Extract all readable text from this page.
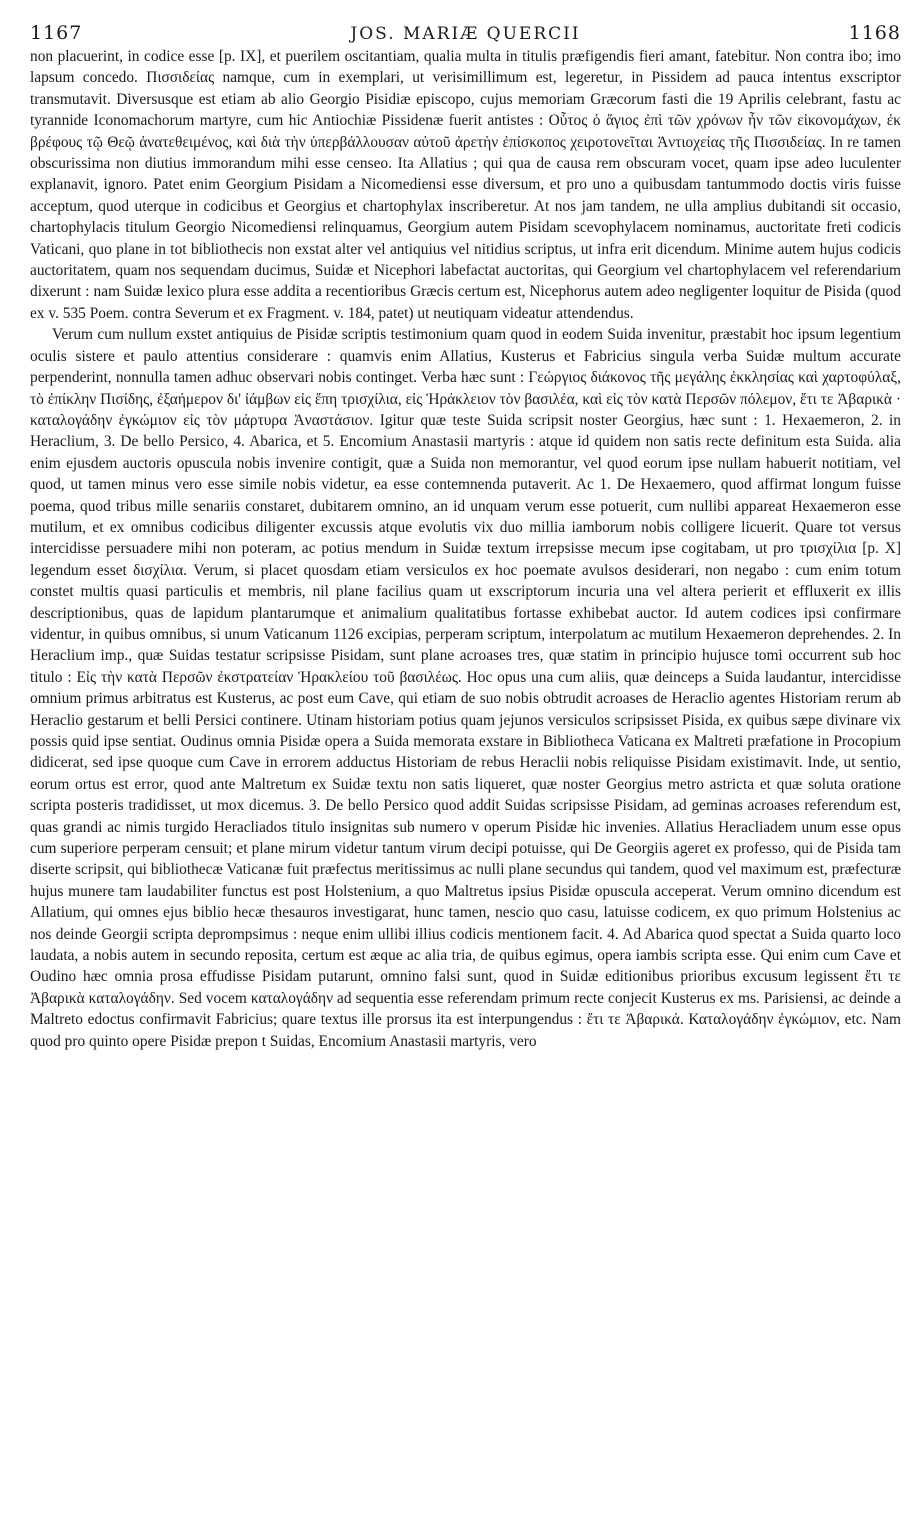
1167	JOS. MARIÆ QUERCII	1168

non placuerint, in codice esse [p. IX], et puerilem oscitantiam, qualia multa in titulis præfigendis fieri amant, fatebitur. Non contra ibo; imo lapsum concedo. Πισσιδείας namque, cum in exemplari, ut verisimillimum est, legeretur, in Pissidem ad pauca intentus exscriptor transmutavit. Diversusque est etiam ab alio Georgio Pisidiæ episcopo, cujus memoriam Græcorum fasti die 19 Aprilis celebrant, fastu ac tyrannide Iconomachorum martyre, cum hic Antiochiæ Pissidenæ fuerit antistes : Οὗτος ὁ ἅγιος ἐπὶ τῶν χρόνων ἦν τῶν εἰκονομάχων, ἐκ βρέφους τῷ Θεῷ ἀνατεθειμένος, καὶ διὰ τὴν ὑπερβάλλουσαν αὐτοῦ ἀρετὴν ἐπίσκοπος χειροτονεῖται Ἀντιοχείας τῆς Πισσιδείας. In re tamen obscurissima non diutius immorandum mihi esse censeo. Ita Allatius ; qui qua de causa rem obscuram vocet, quam ipse adeo luculenter explanavit, ignoro. Patet enim Georgium Pisidam a Nicomediensi esse diversum, et pro uno a quibusdam tantummodo doctis viris fuisse acceptum, quod uterque in codicibus et Georgius et chartophylax inscriberetur. At nos jam tandem, ne ulla amplius dubitandi sit occasio, chartophylacis titulum Georgio Nicomediensi relinquamus, Georgium autem Pisidam scevophylacem nominamus, auctoritate freti codicis Vaticani, quo plane in tot bibliothecis non exstat alter vel antiquius vel nitidius scriptus, ut infra erit dicendum. Minime autem hujus codicis auctoritatem, quam nos sequendam ducimus, Suidæ et Nicephori labefactat auctoritas, qui Georgium vel chartophylacem vel referendarium dixerunt : nam Suidæ lexico plura esse addita a recentioribus Græcis certum est, Nicephorus autem adeo negligenter loquitur de Pisida (quod ex v. 535 Poem. contra Severum et ex Fragment. v. 184, patet) ut neutiquam videatur attendendus.

Verum cum nullum exstet antiquius de Pisidæ scriptis testimonium quam quod in eodem Suida invenitur, præstabit hoc ipsum legentium oculis sistere et paulo attentius considerare : quamvis enim Allatius, Kusterus et Fabricius singula verba Suidæ multum accurate perpenderint, nonnulla tamen adhuc observari nobis continget. Verba hæc sunt : Γεώργιος διάκονος τῆς μεγάλης ἐκκλησίας καὶ χαρτοφύλαξ, τὸ ἐπίκλην Πισίδης, ἐξαήμερον δι' ἰάμβων εἰς ἔπη τρισχίλια, εἰς Ἡράκλειον τὸν βασιλέα, καὶ εἰς τὸν κατὰ Περσῶν πόλεμον, ἔτι τε Ἀβαρικὰ · καταλογάδην ἐγκώμιον εἰς τὸν μάρτυρα Ἀναστάσιον. Igitur quæ teste Suida scripsit noster Georgius, hæc sunt : 1. Hexaemeron, 2. in Heraclium, 3. De bello Persico, 4. Abarica, et 5. Encomium Anastasii martyris : atque id quidem non satis recte definitum esta Suida. alia enim ejusdem auctoris opuscula nobis invenire contigit, quæ a Suida non memorantur, vel quod eorum ipse nullam habuerit notitiam, vel quod, ut tamen minus vero esse simile nobis videtur, ea esse contemnenda putaverit. Ac 1. De Hexaemero, quod affirmat longum fuisse poema, quod tribus mille senariis constaret, dubitarem omnino, an id unquam verum esse potuerit, cum nullibi appareat Hexaemeron esse mutilum, et ex omnibus codicibus diligenter excussis atque evolutis vix duo millia iamborum nobis colligere licuerit. Quare tot versus intercidisse persuadere mihi non poteram, ac potius mendum in Suidæ textum irrepsisse mecum ipse cogitabam, ut pro τρισχίλια [p. X] legendum esset δισχίλια. Verum, si placet quosdam etiam versiculos ex hoc poemate avulsos desiderari, non negabo : cum enim totum constet multis quasi particulis et membris, nil plane facilius quam ut exscriptorum incuria una vel altera perierit et effluxerit ex illis descriptionibus, quas de lapidum plantarumque et animalium qualitatibus fortasse exhibebat auctor. Id autem codices ipsi confirmare videntur, in quibus omnibus, si unum Vaticanum 1126 excipias, perperam scriptum, interpolatum ac mutilum Hexaemeron deprehendes. 2. In Heraclium imp., quæ Suidas testatur scripsisse Pisidam, sunt plane acroases tres, quæ statim in principio hujusce tomi occurrent sub hoc titulo : Εἰς τὴν κατὰ Περσῶν ἐκστρατείαν Ἡρακλείου τοῦ βασιλέως. Hoc opus una cum aliis, quæ deinceps a Suida laudantur, intercidisse omnium primus arbitratus est Kusterus, ac post eum Cave, qui etiam de suo nobis obtrudit acroases de Heraclio agentes Historiam rerum ab Heraclio gestarum et belli Persici continere. Utinam historiam potius quam jejunos versiculos scripsisset Pisida, ex quibus sæpe divinare vix possis quid ipse sentiat. Oudinus omnia Pisidæ opera a Suida memorata exstare in Bibliotheca Vaticana ex Maltreti præfatione in Procopium didicerat, sed ipse quoque cum Cave in errorem adductus Historiam de rebus Heraclii nobis reliquisse Pisidam existimavit. Inde, ut sentio, eorum ortus est error, quod ante Maltretum ex Suidæ textu non satis liqueret, quæ noster Georgius metro astricta et quæ soluta oratione scripta posteris tradidisset, ut mox dicemus. 3. De bello Persico quod addit Suidas scripsisse Pisidam, ad geminas acroases referendum est, quas grandi ac nimis turgido Heracliados titulo insignitas sub numero v operum Pisidæ hic invenies. Allatius Heracliadem unum esse opus cum superiore perperam censuit; et plane mirum videtur tantum virum decipi potuisse, qui De Georgiis ageret ex professo, qui de Pisida tam diserte scripsit, qui bibliothecæ Vaticanæ fuit præfectus meritissimus ac nulli plane secundus qui tandem, quod vel maximum est, præfecturæ hujus munere tam laudabiliter functus est post Holstenium, a quo Maltretus ipsius Pisidæ opuscula acceperat. Verum omnino dicendum est Allatium, qui omnes ejus biblio hecæ thesauros investigarat, hunc tamen, nescio quo casu, latuisse codicem, ex quo primum Holstenius ac nos deinde Georgii scripta deprompsimus : neque enim ullibi illius codicis mentionem facit. 4. Ad Abarica quod spectat a Suida quarto loco laudata, a nobis autem in secundo reposita, certum est æque ac alia tria, de quibus egimus, opera iambis scripta esse. Qui enim cum Cave et Oudino hæc omnia prosa effudisse Pisidam putarunt, omnino falsi sunt, quod in Suidæ editionibus prioribus excusum legissent ἔτι τε Ἀβαρικὰ καταλογάδην. Sed vocem καταλογάδην ad sequentia esse referendam primum recte conjecit Kusterus ex ms. Parisiensi, ac deinde a Maltreto edoctus confirmavit Fabricius; quare textus ille prorsus ita est interpungendus : ἔτι τε Ἀβαρικά. Καταλογάδην ἐγκώμιον, etc. Nam quod pro quinto opere Pisidæ prepon t Suidas, Encomium Anastasii martyris, vero
